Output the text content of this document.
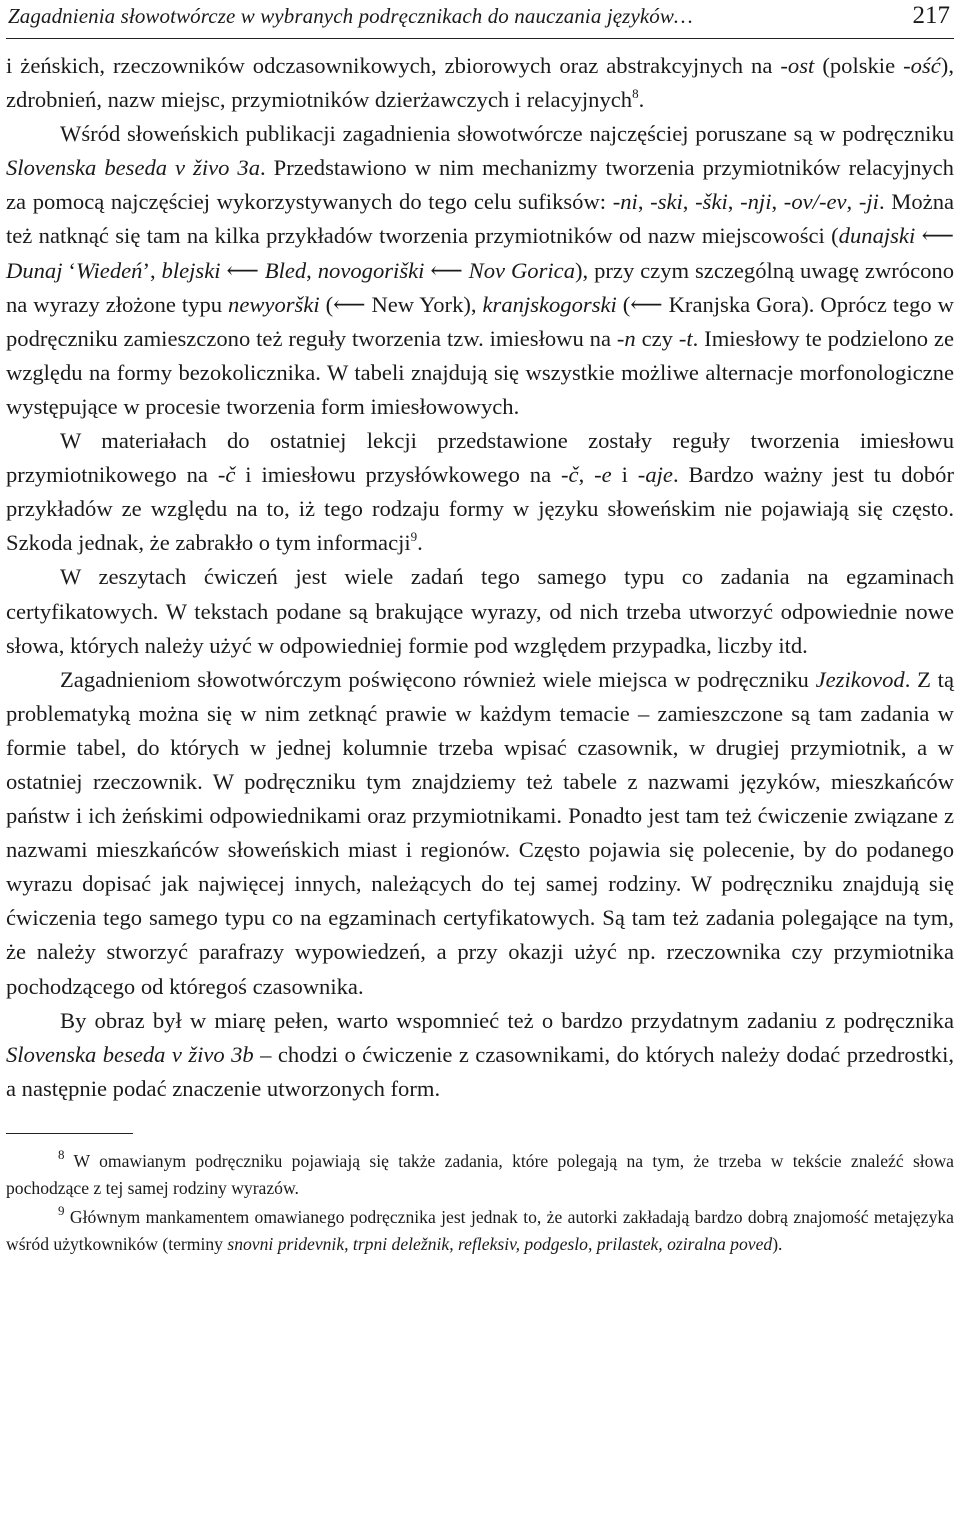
Zagadnienia słowotwórcze w wybranych podręcznikach do nauczania języków…	217

i żeńskich, rzeczowników odczasownikowych, zbiorowych oraz abstrakcyjnych na -ost (polskie -ość), zdrobnień, nazw miejsc, przymiotników dzierżawczych i relacyjnych$^8$.

Wśród słoweńskich publikacji zagadnienia słowotwórcze najczęściej poruszane są w podręczniku Slovenska beseda v živo 3a. Przedstawiono w nim mechanizmy tworzenia przymiotników relacyjnych za pomocą najczęściej wykorzystywanych do tego celu sufiksów: -ni, -ski, -ški, -nji, -ov/-ev, -ji. Można też natknąć się tam na kilka przykładów tworzenia przymiotników od nazw miejscowości (dunajski ⟵ Dunaj ‘Wiedeń’, blejski ⟵ Bled, novogoriški ⟵ Nov Gorica), przy czym szczególną uwagę zwrócono na wyrazy złożone typu newyorški (⟵ New York), kranjskogorski (⟵ Kranjska Gora). Oprócz tego w podręczniku zamieszczono też reguły tworzenia tzw. imiesłowu na -n czy -t. Imiesłowy te podzielono ze względu na formy bezokolicznika. W tabeli znajdują się wszystkie możliwe alternacje morfonologiczne występujące w procesie tworzenia form imiesłowowych.

W materiałach do ostatniej lekcji przedstawione zostały reguły tworzenia imiesłowu przymiotnikowego na -č i imiesłowu przysłówkowego na -č, -e i -aje. Bardzo ważny jest tu dobór przykładów ze względu na to, iż tego rodzaju formy w języku słoweńskim nie pojawiają się często. Szkoda jednak, że zabrakło o tym informacji$^9$.

W zeszytach ćwiczeń jest wiele zadań tego samego typu co zadania na egzaminach certyfikatowych. W tekstach podane są brakujące wyrazy, od nich trzeba utworzyć odpowiednie nowe słowa, których należy użyć w odpowiedniej formie pod względem przypadka, liczby itd.

Zagadnieniom słowotwórczym poświęcono również wiele miejsca w podręczniku Jezikovod. Z tą problematyką można się w nim zetknąć prawie w każdym temacie – zamieszczone są tam zadania w formie tabel, do których w jednej kolumnie trzeba wpisać czasownik, w drugiej przymiotnik, a w ostatniej rzeczownik. W podręczniku tym znajdziemy też tabele z nazwami języków, mieszkańców państw i ich żeńskimi odpowiednikami oraz przymiotnikami. Ponadto jest tam też ćwiczenie związane z nazwami mieszkańców słoweńskich miast i regionów. Często pojawia się polecenie, by do podanego wyrazu dopisać jak najwięcej innych, należących do tej samej rodziny. W podręczniku znajdują się ćwiczenia tego samego typu co na egzaminach certyfikatowych. Są tam też zadania polegające na tym, że należy stworzyć parafrazy wypowiedzeń, a przy okazji użyć np. rzeczownika czy przymiotnika pochodzącego od któregoś czasownika.

By obraz był w miarę pełen, warto wspomnieć też o bardzo przydatnym zadaniu z podręcznika Slovenska beseda v živo 3b – chodzi o ćwiczenie z czasownikami, do których należy dodać przedrostki, a następnie podać znaczenie utworzonych form.

$^8$ W omawianym podręczniku pojawiają się także zadania, które polegają na tym, że trzeba w tekście znaleźć słowa pochodzące z tej samej rodziny wyrazów.

$^9$ Głównym mankamentem omawianego podręcznika jest jednak to, że autorki zakładają bardzo dobrą znajomość metajęzyka wśród użytkowników (terminy snovni pridevnik, trpni deležnik, refleksiv, podgeslo, prilastek, oziralna poved).
